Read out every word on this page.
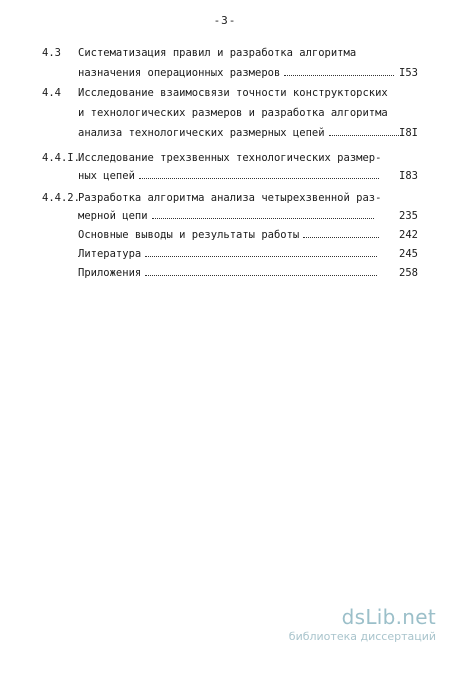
-3-
4.3 Систематизация правил и разработка алгоритма
назначения операционных размеров	I53
4.4 Исследование взаимосвязи точности конструкторских
и технологических размеров и разработка алгоритма
анализа технологических размерных цепей	I8I
4.4.I.
Исследование трехзвенных технологических размер-
ных цепей	I83
4.4.2.
Разработка алгоритма анализа четырехзвенной раз-
мерной цепи	235
Основные выводы и результаты работы	242
Литература	245
Приложения	258
dsLib.net
библиотека диссертаций
